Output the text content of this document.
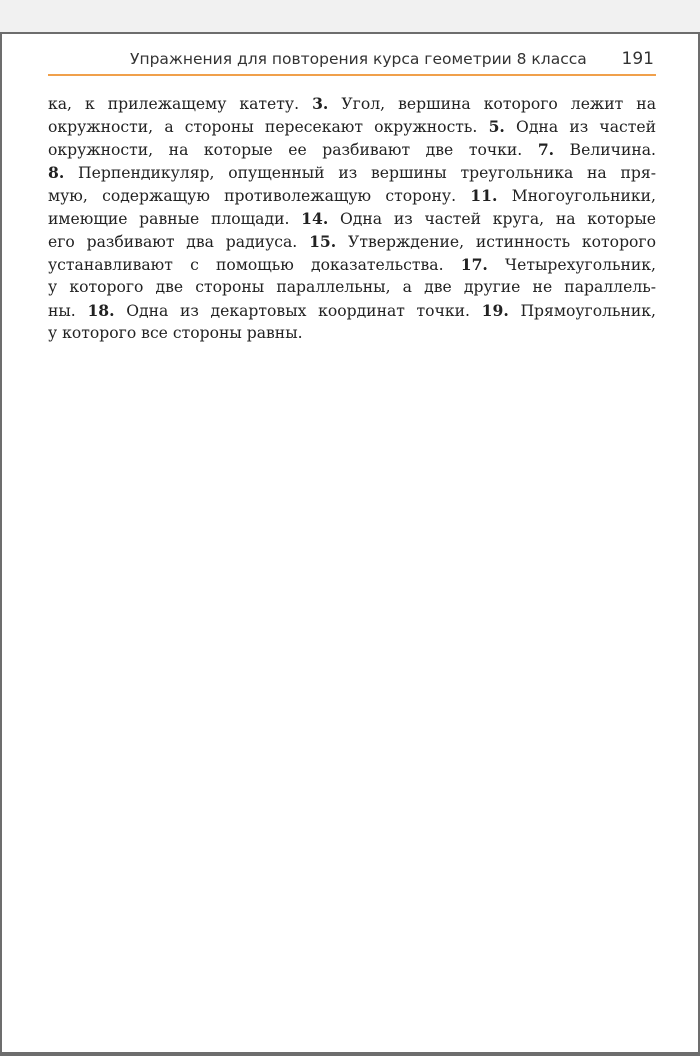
Упражнения для повторения курса геометрии 8 класса 191
ка, к прилежащему катету. 3. Угол, вершина которого лежит на
окружности, а стороны пересекают окружность. 5. Одна из частей
окружности, на которые ее разбивают две точки. 7. Величина.
8. Перпендикуляр, опущенный из вершины треугольника на пря-
мую, содержащую противолежащую сторону. 11. Многоугольники,
имеющие равные площади. 14. Одна из частей круга, на которые
его разбивают два радиуса. 15. Утверждение, истинность которого
устанавливают с помощью доказательства. 17. Четырехугольник,
у которого две стороны параллельны, а две другие не параллель-
ны. 18. Одна из декартовых координат точки. 19. Прямоугольник,
у которого все стороны равны.
